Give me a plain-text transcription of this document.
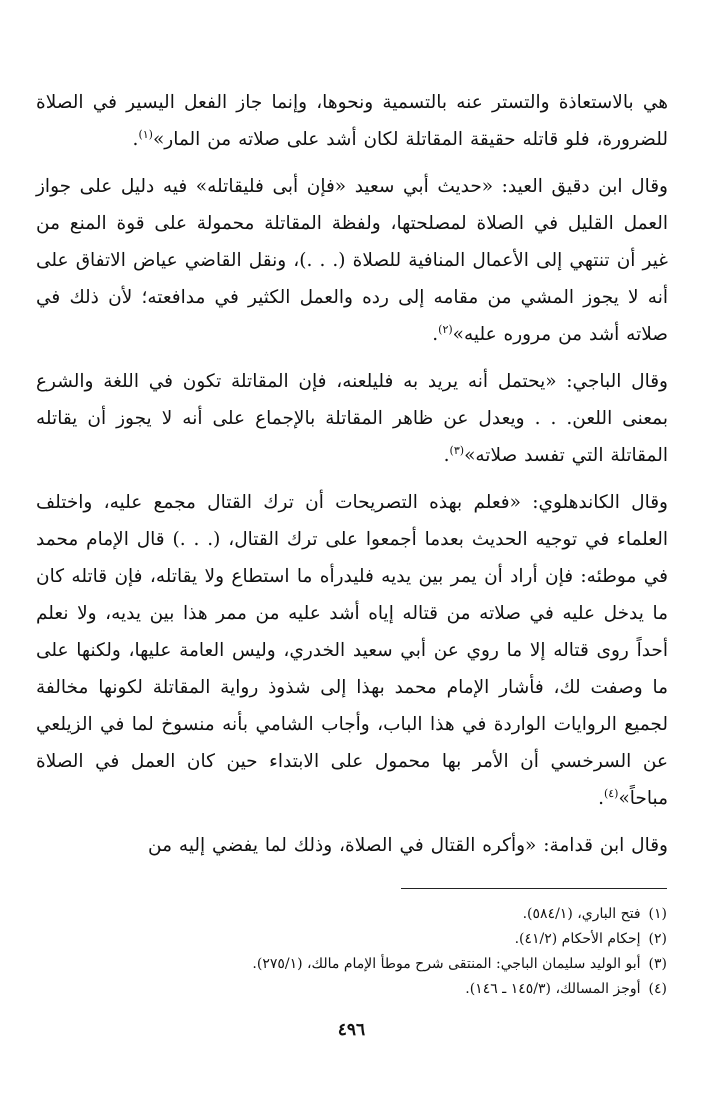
هي بالاستعاذة والتستر عنه بالتسمية ونحوها، وإنما جاز الفعل اليسير في الصلاة للضرورة، فلو قاتله حقيقة المقاتلة لكان أشد على صلاته من المار»$^{(١)}$.

وقال ابن دقيق العيد: «حديث أبي سعيد «فإن أبى فليقاتله» فيه دليل على جواز العمل القليل في الصلاة لمصلحتها، ولفظة المقاتلة محمولة على قوة المنع من غير أن تنتهي إلى الأعمال المنافية للصلاة (. . .)، ونقل القاضي عياض الاتفاق على أنه لا يجوز المشي من مقامه إلى رده والعمل الكثير في مدافعته؛ لأن ذلك في صلاته أشد من مروره عليه»$^{(٢)}$.

وقال الباجي: «يحتمل أنه يريد به فليلعنه، فإن المقاتلة تكون في اللغة والشرع بمعنى اللعن. . . ويعدل عن ظاهر المقاتلة بالإجماع على أنه لا يجوز أن يقاتله المقاتلة التي تفسد صلاته»$^{(٣)}$.

وقال الكاندهلوي: «فعلم بهذه التصريحات أن ترك القتال مجمع عليه، واختلف العلماء في توجيه الحديث بعدما أجمعوا على ترك القتال، (. . .) قال الإمام محمد في موطئه: فإن أراد أن يمر بين يديه فليدرأه ما استطاع ولا يقاتله، فإن قاتله كان ما يدخل عليه في صلاته من قتاله إياه أشد عليه من ممر هذا بين يديه، ولا نعلم أحداً روى قتاله إلا ما روي عن أبي سعيد الخدري، وليس العامة عليها، ولكنها على ما وصفت لك، فأشار الإمام محمد بهذا إلى شذوذ رواية المقاتلة لكونها مخالفة لجميع الروايات الواردة في هذا الباب، وأجاب الشامي بأنه منسوخ لما في الزيلعي عن السرخسي أن الأمر بها محمول على الابتداء حين كان العمل في الصلاة مباحاً»$^{(٤)}$.

وقال ابن قدامة: «وأكره القتال في الصلاة، وذلك لما يفضي إليه من

(١)فتح الباري، (٥٨٤/١).

(٢)إحكام الأحكام (٤١/٢).

(٣)أبو الوليد سليمان الباجي: المنتقى شرح موطأ الإمام مالك، (٢٧٥/١).

(٤)أوجز المسالك، (١٤٥/٣ ـ ١٤٦).

٤٩٦
